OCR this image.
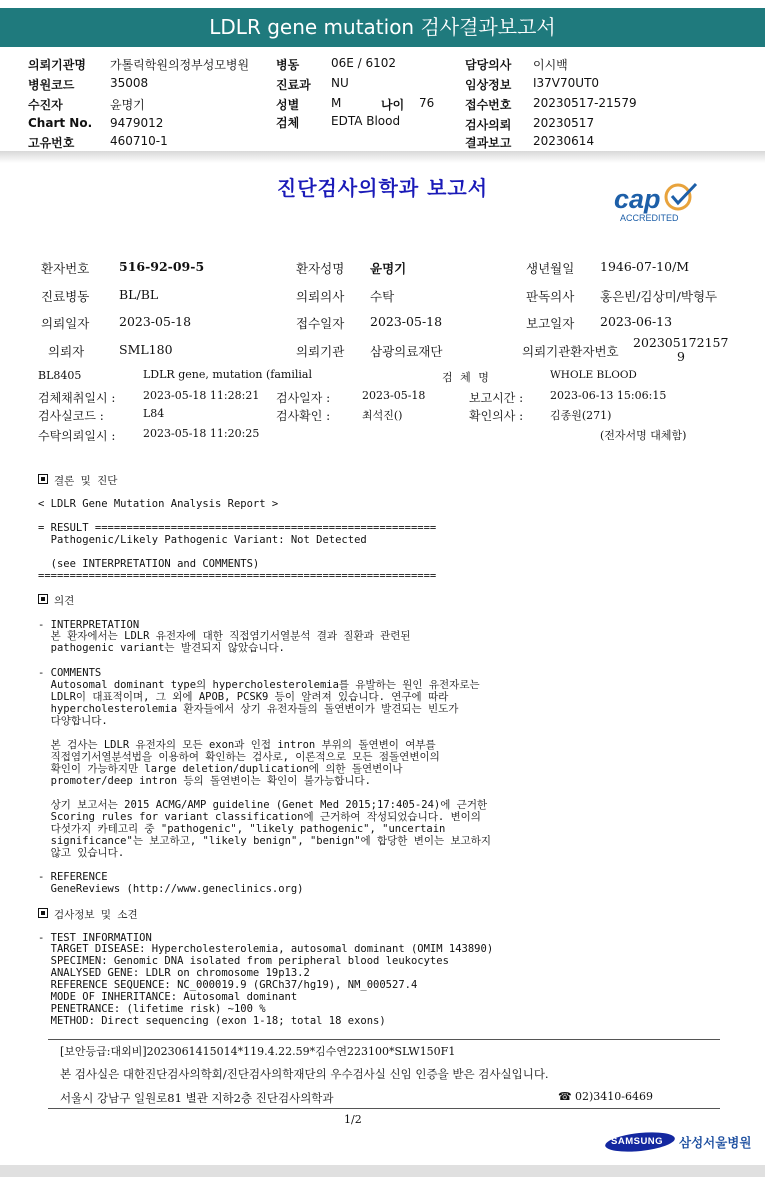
LDLR gene mutation 검사결과보고서
의뢰기관명 가톨릭학원의정부성모병원 병동	06E / 6102	담당의사 이시백
병원코드	35008	진료과 NU	임상정보 I37V70UT0
수진자	윤명기	성별	M	나이 76	접수번호 20230517-21579
Chart No. 9479012	검체	EDTA Blood	검사의뢰 20230517
고유번호	460710-1	결과보고 20230614
진단검사의학과 보고서	cap
ACCREDITED
환자번호 516-92-09-5	환자성명 윤명기	생년월일 1946-07-10/M
진료병동 BL/BL	의뢰의사 수탁	판독의사 홍은빈/김상미/박형두
의뢰일자 2023-05-18	접수일자 2023-05-18	보고일자 2023-06-13
의뢰자	SML180	의뢰기관 삼광의료재단	의뢰기관환자번호
202305172157
9
BL8405	LDLR gene, mutation (familial	검 체 명	WHOLE BLOOD
검체채취일시 :	2023-05-18 11:28:21 검사일자 :	2023-05-18	보고시간 : 2023-06-13 15:06:15
검사실코드 :	L84	검사확인 :	최석진()	확인의사 : 김종원(271)
수탁의뢰일시 :	2023-05-18 11:20:25	(전자서명 대체함)
결론 및 진단
< LDLR Gene Mutation Analysis Report >
= RESULT ======================================================
Pathogenic/Likely Pathogenic Variant: Not Detected
(see INTERPRETATION and COMMENTS)
===============================================================
의견
- INTERPRETATION
본 환자에서는 LDLR 유전자에 대한 직접염기서열분석 결과 질환과 관련된
pathogenic variant는 발견되지 않았습니다.
- COMMENTS
Autosomal dominant type의 hypercholesterolemia를 유발하는 원인 유전자로는
LDLR이 대표적이며, 그 외에 APOB, PCSK9 등이 알려져 있습니다. 연구에 따라
hypercholesterolemia 환자들에서 상기 유전자들의 돌연변이가 발견되는 빈도가
다양합니다.
본 검사는 LDLR 유전자의 모든 exon과 인접 intron 부위의 돌연변이 여부를
직접염기서열분석법을 이용하여 확인하는 검사로, 이론적으로 모든 점돌연변이의
확인이 가능하지만 large deletion/duplication에 의한 돌연변이나
promoter/deep intron 등의 돌연변이는 확인이 불가능합니다.
상기 보고서는 2015 ACMG/AMP guideline (Genet Med 2015;17:405-24)에 근거한
Scoring rules for variant classification에 근거하여 작성되었습니다. 변이의
다섯가지 카테고리 중 "pathogenic", "likely pathogenic", "uncertain
significance"는 보고하고, "likely benign", "benign"에 합당한 변이는 보고하지
않고 있습니다.
- REFERENCE
GeneReviews (http://www.geneclinics.org)
검사정보 및 소견
- TEST INFORMATION
TARGET DISEASE: Hypercholesterolemia, autosomal dominant (OMIM 143890)
SPECIMEN: Genomic DNA isolated from peripheral blood leukocytes
ANALYSED GENE: LDLR on chromosome 19p13.2
REFERENCE SEQUENCE: NC_000019.9 (GRCh37/hg19), NM_000527.4
MODE OF INHERITANCE: Autosomal dominant
PENETRANCE: (lifetime risk) ~100 %
METHOD: Direct sequencing (exon 1-18; total 18 exons)
[보안등급:대외비]2023061415014*119.4.22.59*김수연223100*SLW150F1
본 검사실은 대한진단검사의학회/진단검사의학재단의 우수검사실 신임 인증을 받은 검사실입니다.
서울시 강남구 일원로81 별관 지하2층 진단검사의학과	☎ 02)3410-6469
1/2
SAMSUNG 삼성서울병원
